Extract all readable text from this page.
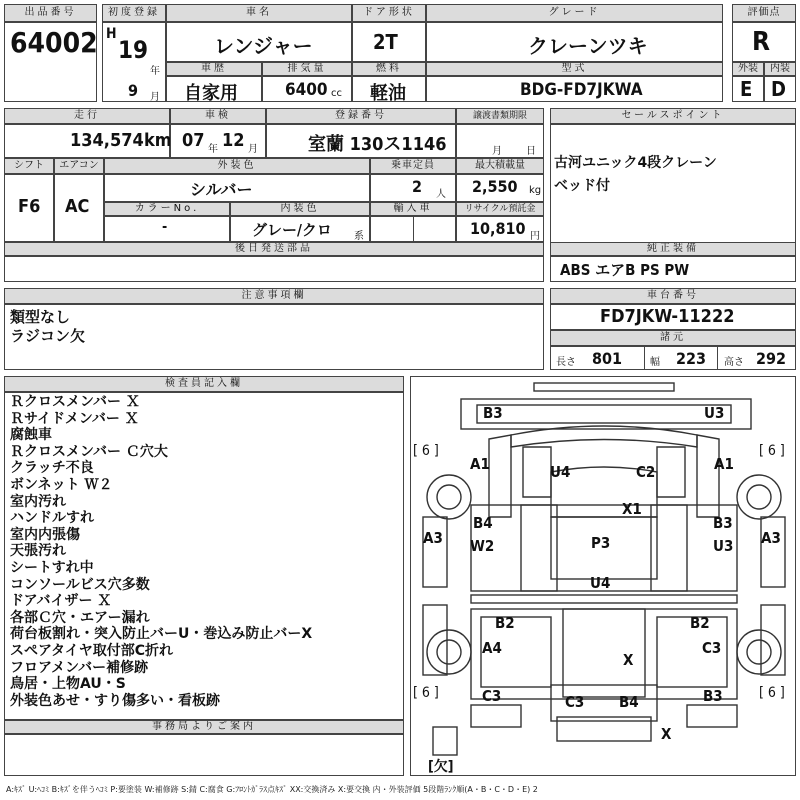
出品番号
64002
初度登録
H
19
年
9 月
車名
レンジャー
ドア形状
2T
グレード
クレーンツキ
評価点
R
車歴
自家用
排気量
6400 cc
燃料
軽油
型式
BDG-FD7JKWA
外装	内装
E D
走行
134,574 km
車検
07 年 12 月
登録番号
室蘭 130ス1146
譲渡書類期限
月 日
セールスポイント
古河ユニック4段クレーン
ベッド付
シフト
F6
エアコン
AC
外装色
シルバー
乗車定員
2 人
最大積載量
2,550 kg
カラーNo.
-
内装色
グレー/クロ 系
輸入車	リサイクル預託金
10,810 円
後日発送部品	純正装備
ABS エアB PS PW
注意事項欄
類型なし
ラジコン欠
車台番号
FD7JKW-11222
諸元
長さ 801	幅 223 高さ 292
検査員記入欄
Ｒクロスメンバー Ｘ
Ｒサイドメンバー Ｘ
腐蝕車
Ｒクロスメンバー Ｃ穴大
クラッチ不良
ボンネット Ｗ２
室内汚れ
ハンドルすれ
室内内張傷
天張汚れ
シートすれ中
コンソールビス穴多数
ドアバイザー Ｘ
各部Ｃ穴・エアー漏れ
荷台板割れ・突入防止バーU・巻込み防止バーX
スペアタイヤ取付部C折れ
フロアメンバー補修跡
鳥居・上物AU・S
外装色あせ・すり傷多い・看板跡
事務局よりご案内
B3	U3
A1	U4	C2	A1
X1
A3
B4
W2	P3
B3
U3 A3
U4
B2	B2
A4
X
C3
C3	C3 B4	B3
X
[ 6 ]	[ 6 ]
[ 6 ]	[ 6 ]
[欠]
A:ｷｽﾞ U:ﾍｺﾐ B:ｷｽﾞを伴うﾍｺﾐ P:要塗装 W:補修跡 S:錆 C:腐食 G:ﾌﾛﾝﾄｶﾞﾗｽ点ｷｽﾞ XX:交換済み X:要交換 内・外装評価 5段階ﾗﾝｸ順(A・B・C・D・E) 2
